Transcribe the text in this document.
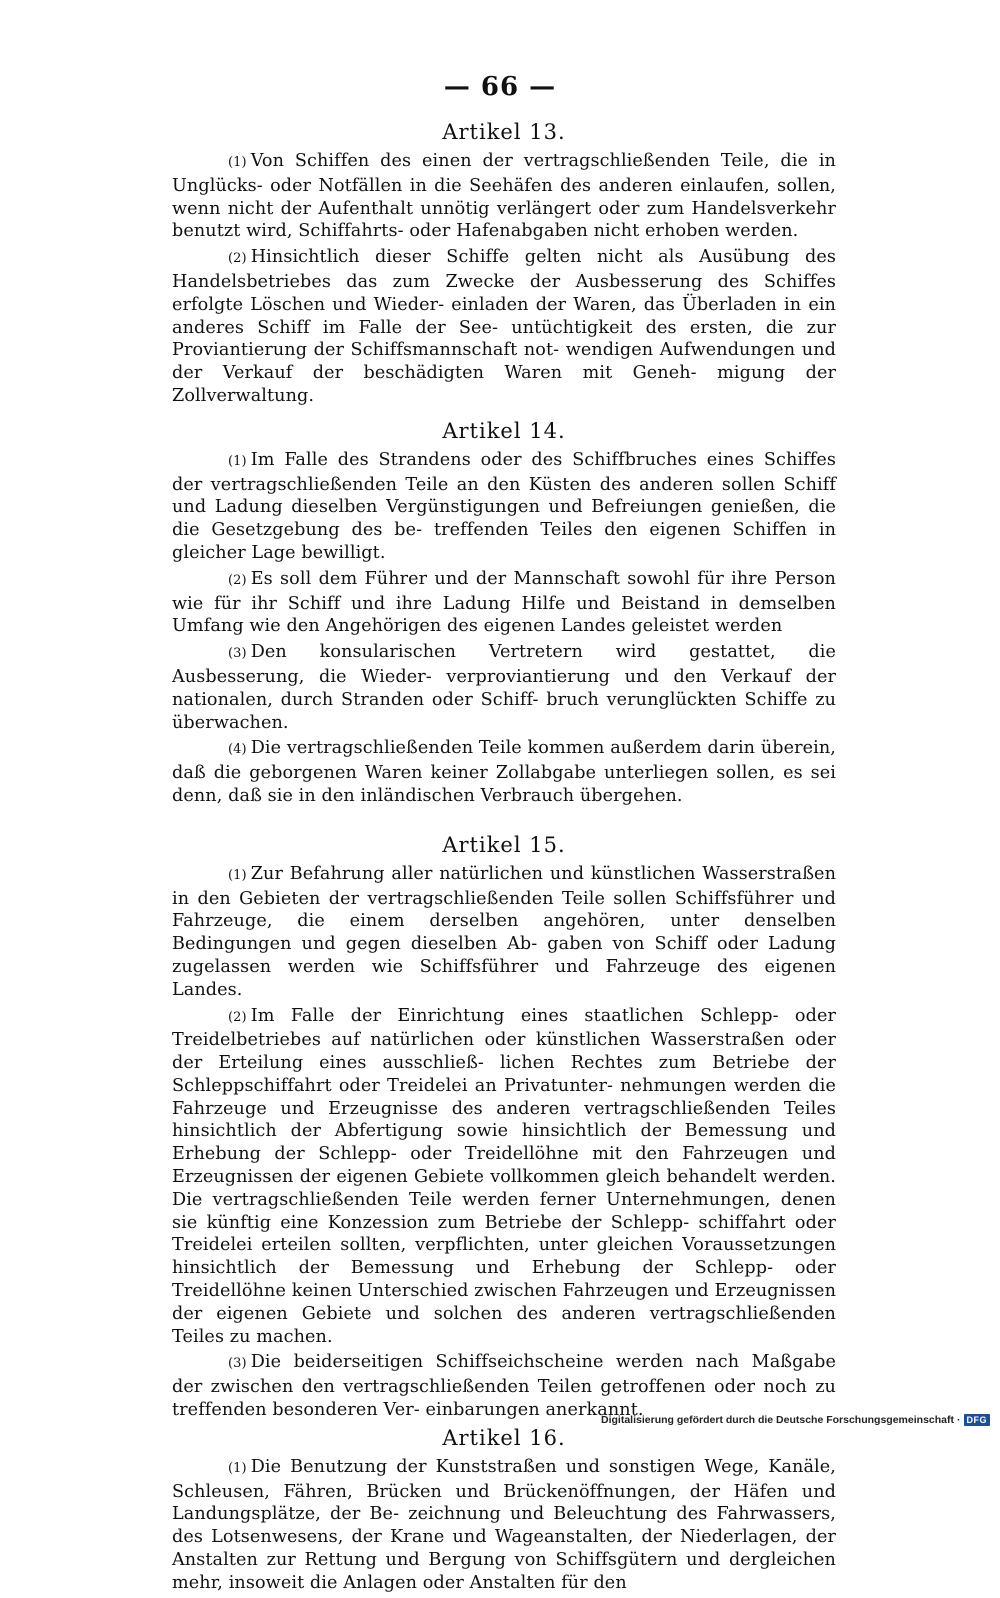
— 66 —
Artikel 13.

(1) Von Schiffen des einen der vertragschließenden Teile, die in Unglücks- oder Notfällen in die Seehäfen des anderen einlaufen, sollen, wenn nicht der Aufenthalt unnötig verlängert oder zum Handelsverkehr benutzt wird, Schiffahrts- oder Hafenabgaben nicht erhoben werden.

(2) Hinsichtlich dieser Schiffe gelten nicht als Ausübung des Handelsbetriebes das zum Zwecke der Ausbesserung des Schiffes erfolgte Löschen und Wieder- einladen der Waren, das Überladen in ein anderes Schiff im Falle der See- untüchtigkeit des ersten, die zur Proviantierung der Schiffsmannschaft not- wendigen Aufwendungen und der Verkauf der beschädigten Waren mit Geneh- migung der Zollverwaltung.

Artikel 14.

(1) Im Falle des Strandens oder des Schiffbruches eines Schiffes der vertragschließenden Teile an den Küsten des anderen sollen Schiff und Ladung dieselben Vergünstigungen und Befreiungen genießen, die die Gesetzgebung des be- treffenden Teiles den eigenen Schiffen in gleicher Lage bewilligt.

(2) Es soll dem Führer und der Mannschaft sowohl für ihre Person wie für ihr Schiff und ihre Ladung Hilfe und Beistand in demselben Umfang wie den Angehörigen des eigenen Landes geleistet werden

(3) Den konsularischen Vertretern wird gestattet, die Ausbesserung, die Wieder- verproviantierung und den Verkauf der nationalen, durch Stranden oder Schiff- bruch verunglückten Schiffe zu überwachen.

(4) Die vertragschließenden Teile kommen außerdem darin überein, daß die geborgenen Waren keiner Zollabgabe unterliegen sollen, es sei denn, daß sie in den inländischen Verbrauch übergehen.

Artikel 15.

(1) Zur Befahrung aller natürlichen und künstlichen Wasserstraßen in den Gebieten der vertragschließenden Teile sollen Schiffsführer und Fahrzeuge, die einem derselben angehören, unter denselben Bedingungen und gegen dieselben Ab- gaben von Schiff oder Ladung zugelassen werden wie Schiffsführer und Fahrzeuge des eigenen Landes.

(2) Im Falle der Einrichtung eines staatlichen Schlepp- oder Treidelbetriebes auf natürlichen oder künstlichen Wasserstraßen oder der Erteilung eines ausschließ- lichen Rechtes zum Betriebe der Schleppschiffahrt oder Treidelei an Privatunter- nehmungen werden die Fahrzeuge und Erzeugnisse des anderen vertragschließenden Teiles hinsichtlich der Abfertigung sowie hinsichtlich der Bemessung und Erhebung der Schlepp- oder Treidellöhne mit den Fahrzeugen und Erzeugnissen der eigenen Gebiete vollkommen gleich behandelt werden. Die vertragschließenden Teile werden ferner Unternehmungen, denen sie künftig eine Konzession zum Betriebe der Schlepp- schiffahrt oder Treidelei erteilen sollten, verpflichten, unter gleichen Voraussetzungen hinsichtlich der Bemessung und Erhebung der Schlepp- oder Treidellöhne keinen Unterschied zwischen Fahrzeugen und Erzeugnissen der eigenen Gebiete und solchen des anderen vertragschließenden Teiles zu machen.

(3) Die beiderseitigen Schiffseichscheine werden nach Maßgabe der zwischen den vertragschließenden Teilen getroffenen oder noch zu treffenden besonderen Ver- einbarungen anerkannt.

Artikel 16.

(1) Die Benutzung der Kunststraßen und sonstigen Wege, Kanäle, Schleusen, Fähren, Brücken und Brückenöffnungen, der Häfen und Landungsplätze, der Be- zeichnung und Beleuchtung des Fahrwassers, des Lotsenwesens, der Krane und Wageanstalten, der Niederlagen, der Anstalten zur Rettung und Bergung von Schiffsgütern und dergleichen mehr, insoweit die Anlagen oder Anstalten für den

Digitalisierung gefördert durch die Deutsche Forschungsgemeinschaft · DFG
